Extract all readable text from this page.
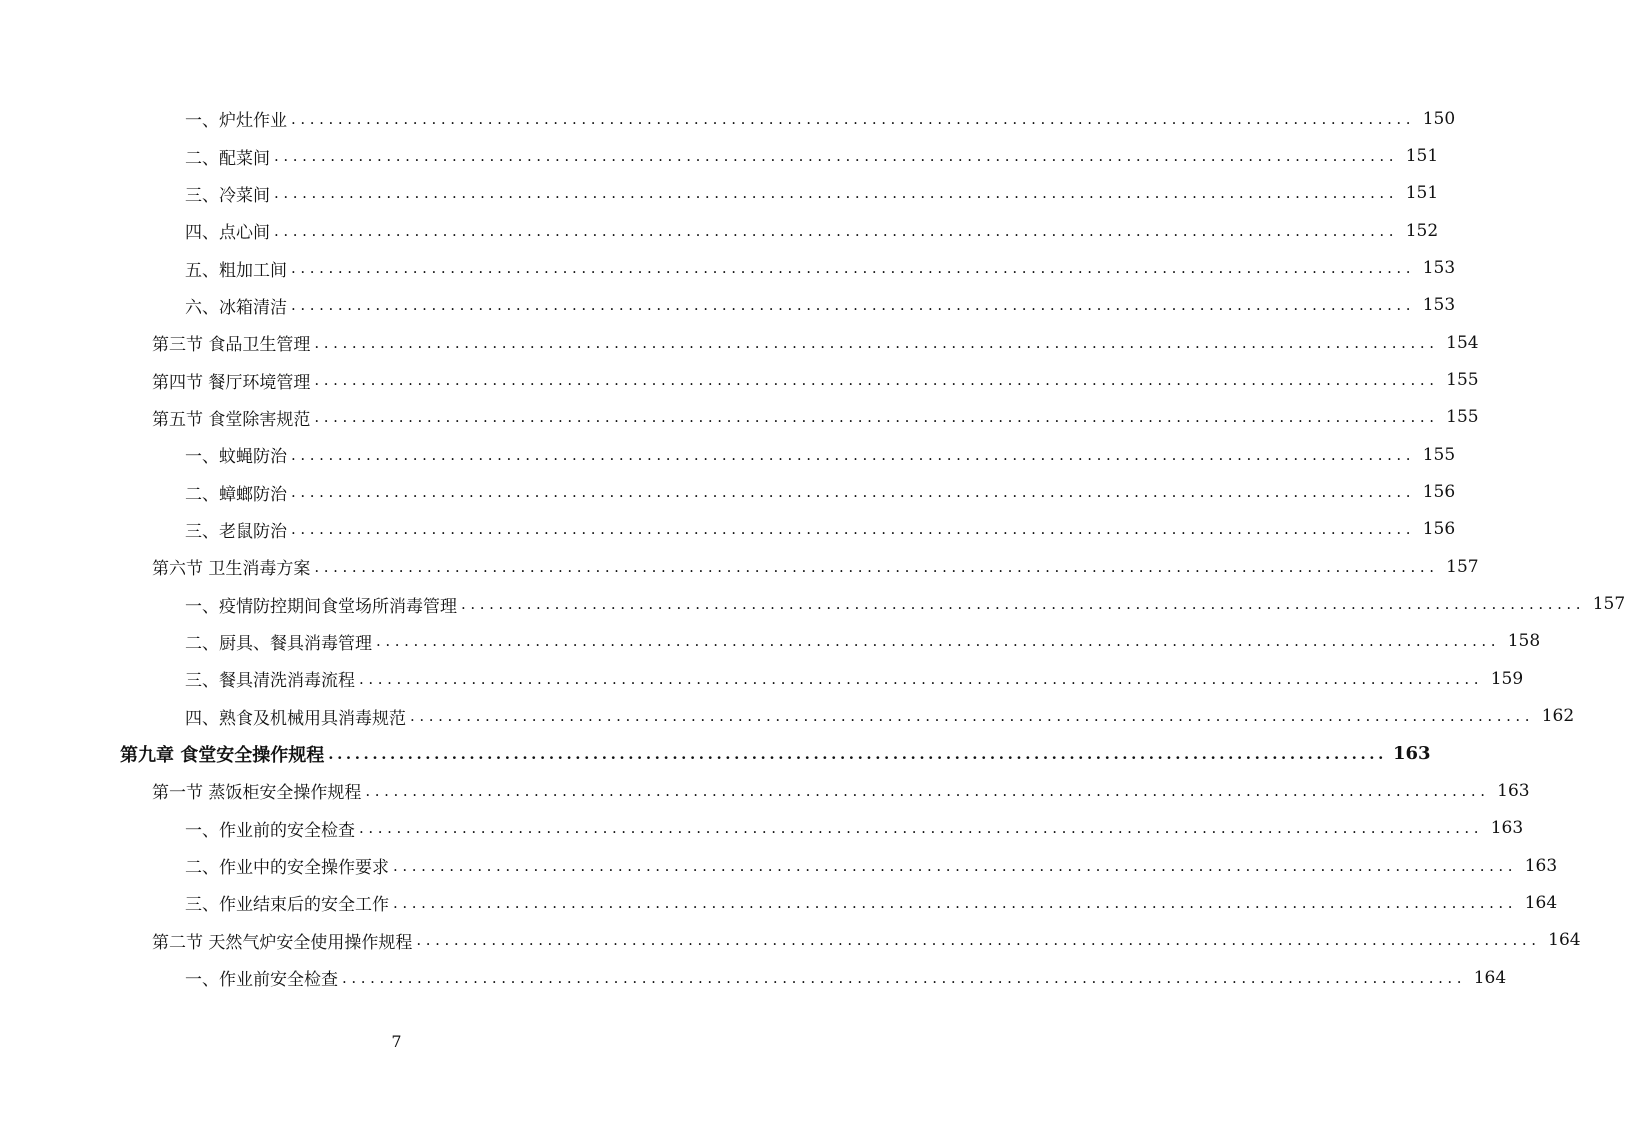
一、炉灶作业 ........................................................................................................................ 150
二、配菜间 ........................................................................................................................ 151
三、冷菜间 ........................................................................................................................ 151
四、点心间 ........................................................................................................................ 152
五、粗加工间 ........................................................................................................................ 153
六、冰箱清洁 ........................................................................................................................ 153
第三节 食品卫生管理 ........................................................................................................................ 154
第四节 餐厅环境管理 ........................................................................................................................ 155
第五节 食堂除害规范 ........................................................................................................................ 155
一、蚊蝇防治 ........................................................................................................................ 155
二、蟑螂防治 ........................................................................................................................ 156
三、老鼠防治 ........................................................................................................................ 156
第六节 卫生消毒方案 ........................................................................................................................ 157
一、疫情防控期间食堂场所消毒管理 ........................................................................................................................ 157
二、厨具、餐具消毒管理 ........................................................................................................................ 158
三、餐具清洗消毒流程 ........................................................................................................................ 159
四、熟食及机械用具消毒规范 ........................................................................................................................ 162
第九章 食堂安全操作规程 ........................................................................................................................ 163
第一节 蒸饭柜安全操作规程 ........................................................................................................................ 163
一、作业前的安全检查 ........................................................................................................................ 163
二、作业中的安全操作要求 ........................................................................................................................ 163
三、作业结束后的安全工作 ........................................................................................................................ 164
第二节 天然气炉安全使用操作规程 ........................................................................................................................ 164
一、作业前安全检查 ........................................................................................................................ 164
7
